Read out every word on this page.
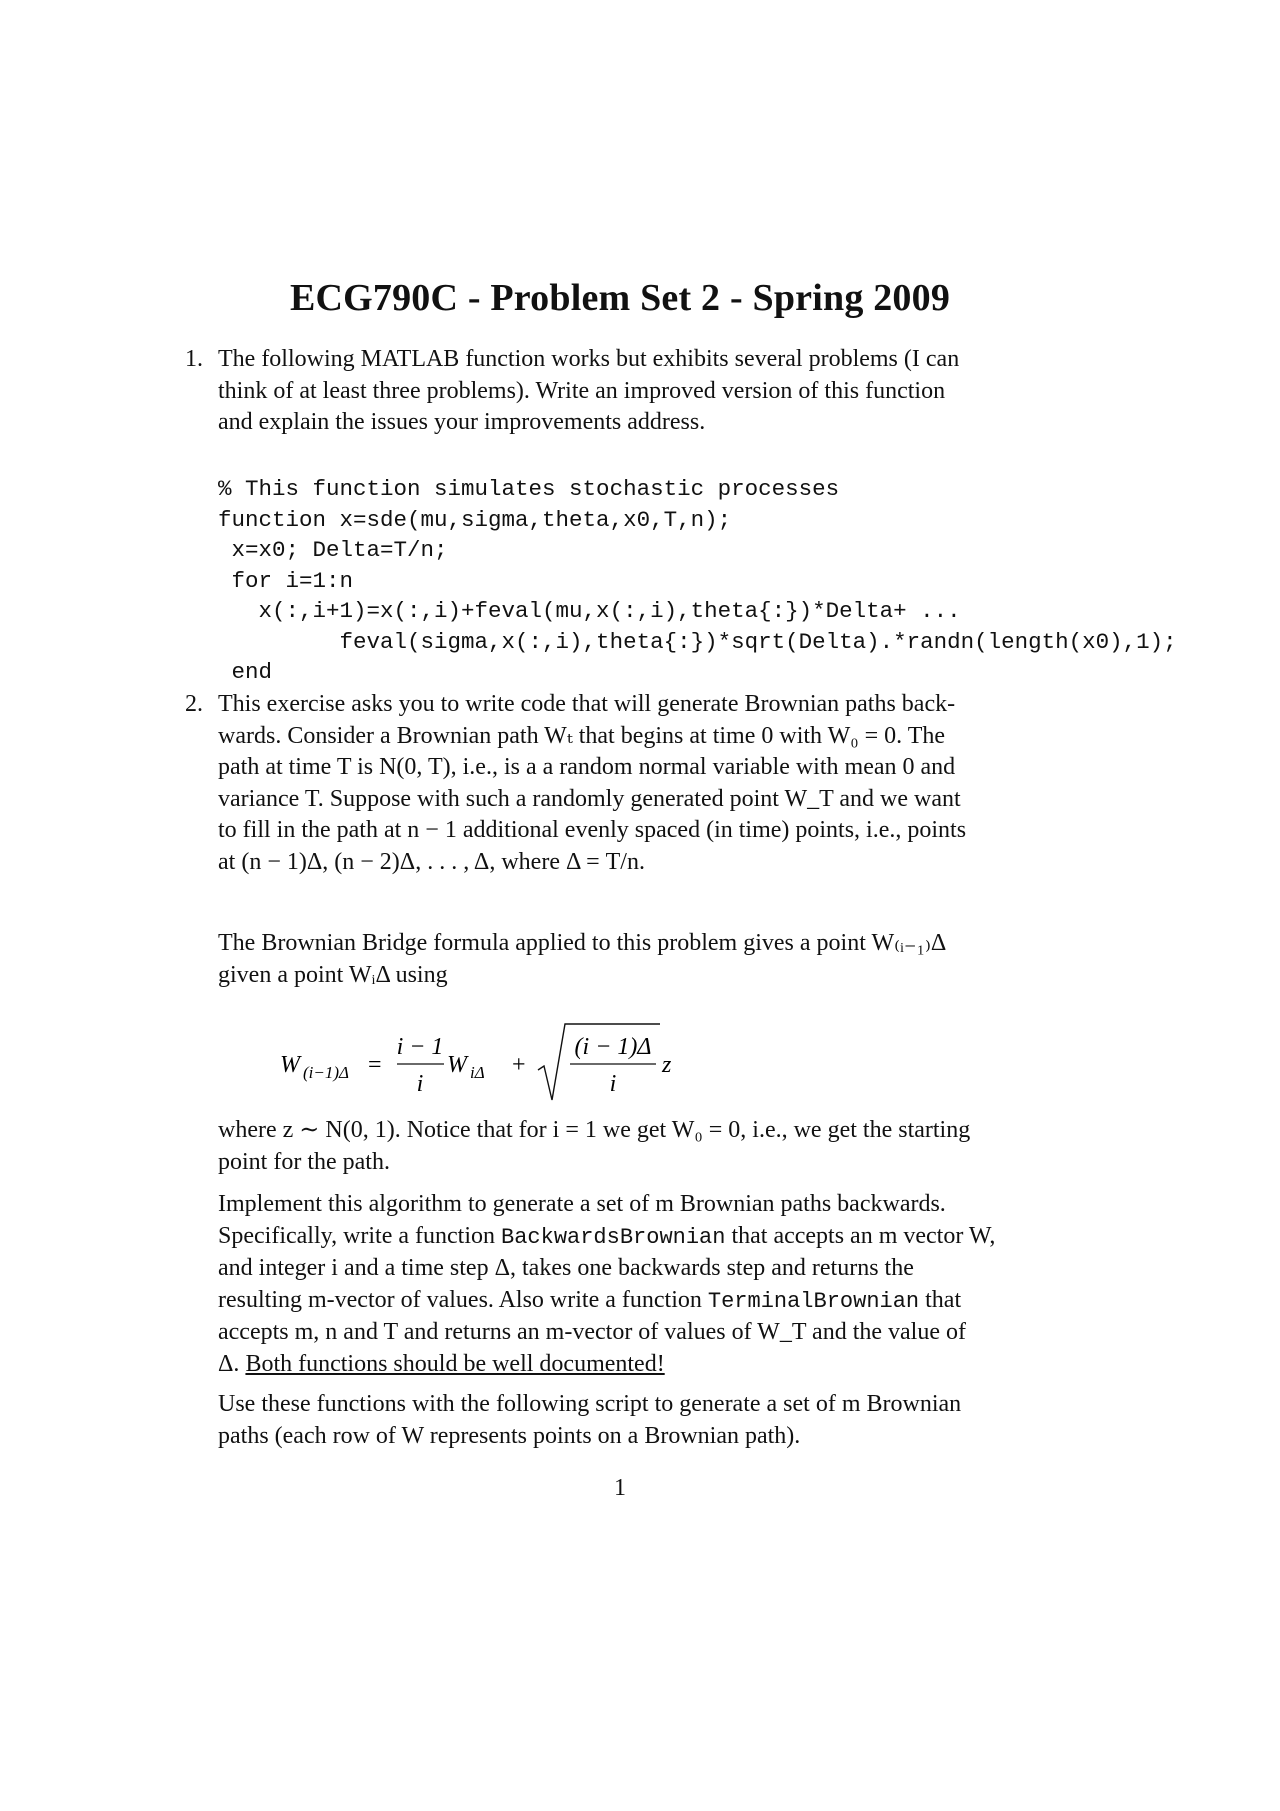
ECG790C - Problem Set 2 - Spring 2009
1. The following MATLAB function works but exhibits several problems (I can
think of at least three problems). Write an improved version of this function
and explain the issues your improvements address.
% This function simulates stochastic processes
function x=sde(mu,sigma,theta,x0,T,n);
x=x0; Delta=T/n;
for i=1:n
x(:,i+1)=x(:,i)+feval(mu,x(:,i),theta{:})*Delta+ ...
feval(sigma,x(:,i),theta{:})*sqrt(Delta).*randn(length(x0),1);
end
2. This exercise asks you to write code that will generate Brownian paths back-
wards. Consider a Brownian path Wₜ that begins at time 0 with W₀ = 0. The
path at time T is N(0, T), i.e., is a a random normal variable with mean 0 and
variance T. Suppose with such a randomly generated point W_T and we want
to fill in the path at n − 1 additional evenly spaced (in time) points, i.e., points
at (n − 1)Δ, (n − 2)Δ, . . . , Δ, where Δ = T/n.
The Brownian Bridge formula applied to this problem gives a point W₍ᵢ₋₁₎Δ
given a point WᵢΔ using
W (i−1)Δ =
i − 1
i
W iΔ +
(i − 1)Δ
i
z
where z ∼ N(0, 1). Notice that for i = 1 we get W₀ = 0, i.e., we get the starting
point for the path.
Implement this algorithm to generate a set of m Brownian paths backwards.
Specifically, write a function BackwardsBrownian that accepts an m vector W,
and integer i and a time step Δ, takes one backwards step and returns the
resulting m-vector of values. Also write a function TerminalBrownian that
accepts m, n and T and returns an m-vector of values of W_T and the value of
Δ. Both functions should be well documented!
Use these functions with the following script to generate a set of m Brownian
paths (each row of W represents points on a Brownian path).
1
